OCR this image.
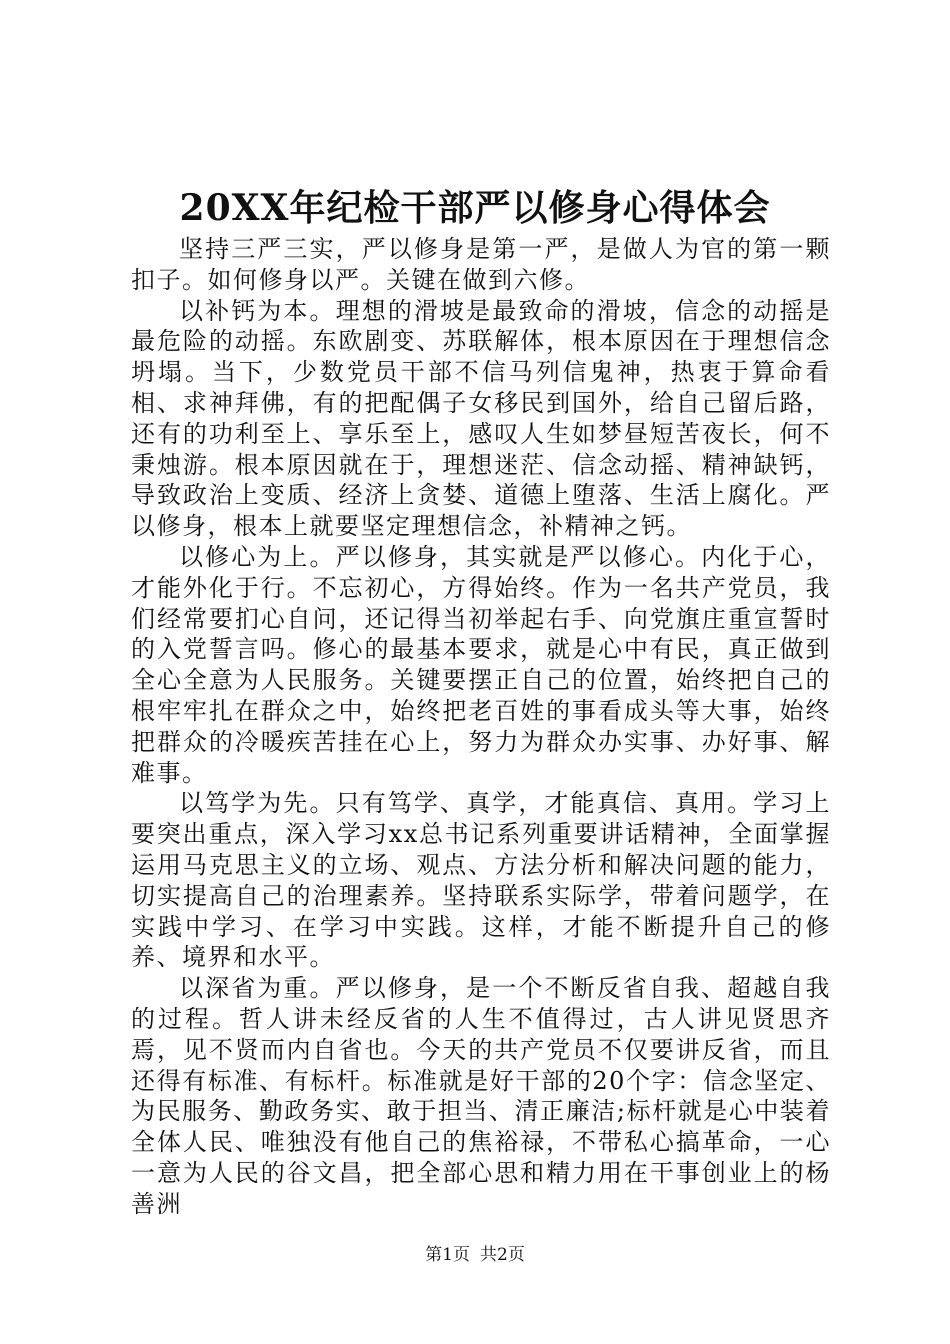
20XX年纪检干部严以修身心得体会

坚持三严三实，严以修身是第一严，是做人为官的第一颗扣子。如何修身以严。关键在做到六修。

以补钙为本。理想的滑坡是最致命的滑坡，信念的动摇是最危险的动摇。东欧剧变、苏联解体，根本原因在于理想信念坍塌。当下，少数党员干部不信马列信鬼神，热衷于算命看相、求神拜佛，有的把配偶子女移民到国外，给自己留后路，还有的功利至上、享乐至上，感叹人生如梦昼短苦夜长，何不秉烛游。根本原因就在于，理想迷茫、信念动摇、精神缺钙，导致政治上变质、经济上贪婪、道德上堕落、生活上腐化。严以修身，根本上就要坚定理想信念，补精神之钙。

以修心为上。严以修身，其实就是严以修心。内化于心，才能外化于行。不忘初心，方得始终。作为一名共产党员，我们经常要扪心自问，还记得当初举起右手、向党旗庄重宣誓时的入党誓言吗。修心的最基本要求，就是心中有民，真正做到全心全意为人民服务。关键要摆正自己的位置，始终把自己的根牢牢扎在群众之中，始终把老百姓的事看成头等大事，始终把群众的冷暖疾苦挂在心上，努力为群众办实事、办好事、解难事。

以笃学为先。只有笃学、真学，才能真信、真用。学习上要突出重点，深入学习xx总书记系列重要讲话精神，全面掌握运用马克思主义的立场、观点、方法分析和解决问题的能力，切实提高自己的治理素养。坚持联系实际学，带着问题学，在实践中学习、在学习中实践。这样，才能不断提升自己的修养、境界和水平。

以深省为重。严以修身，是一个不断反省自我、超越自我的过程。哲人讲未经反省的人生不值得过，古人讲见贤思齐焉，见不贤而内自省也。今天的共产党员不仅要讲反省，而且还得有标准、有标杆。标准就是好干部的20个字：信念坚定、为民服务、勤政务实、敢于担当、清正廉洁;标杆就是心中装着全体人民、唯独没有他自己的焦裕禄，不带私心搞革命，一心一意为人民的谷文昌，把全部心思和精力用在干事创业上的杨善洲

第1页 共2页
